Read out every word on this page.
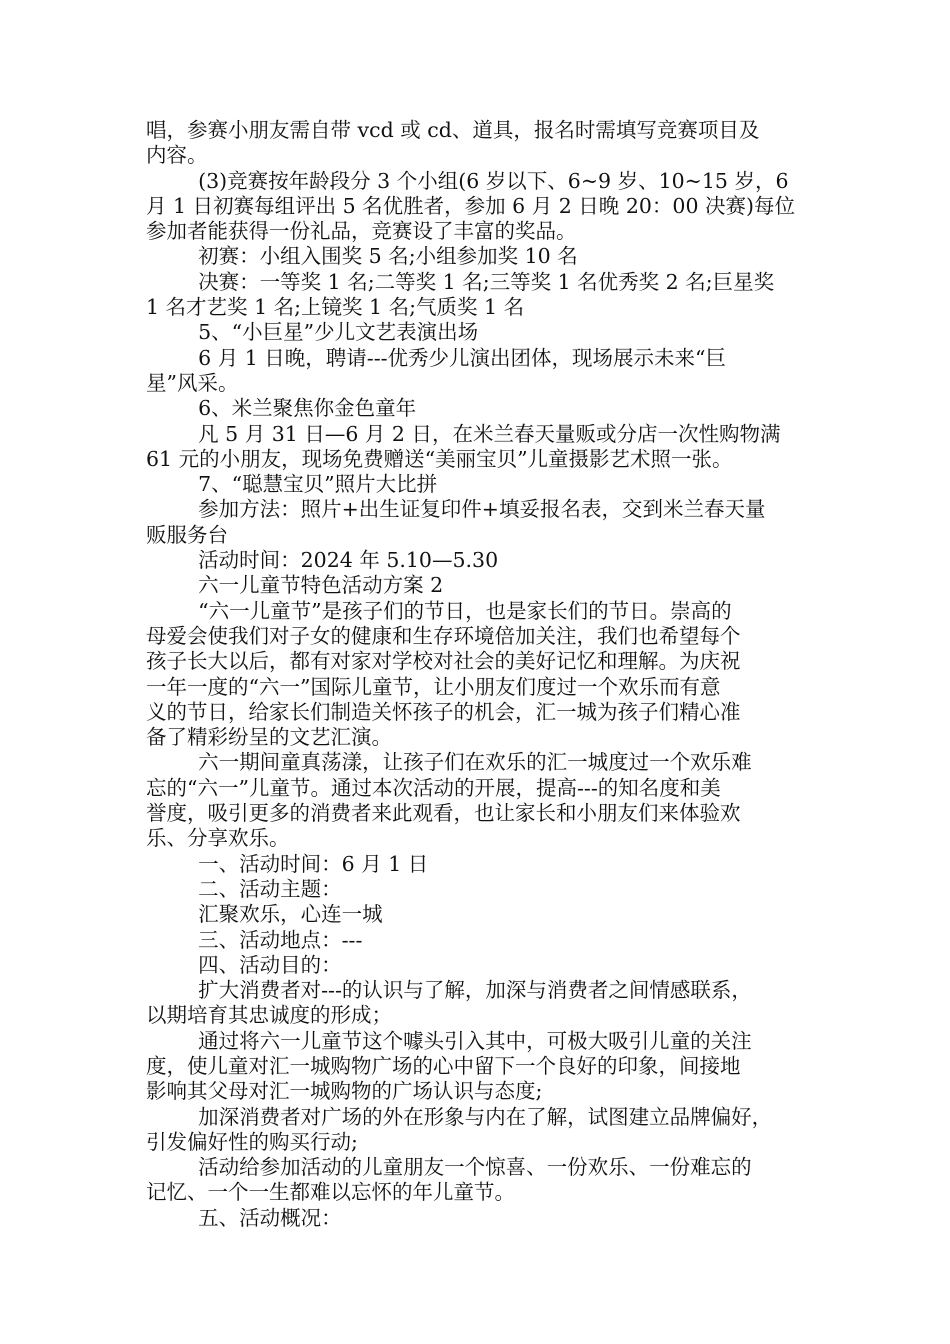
唱，参赛小朋友需自带 vcd 或 cd、道具，报名时需填写竞赛项目及
内容。
(3)竞赛按年龄段分 3 个小组(6 岁以下、6~9 岁、10~15 岁，6
月 1 日初赛每组评出 5 名优胜者，参加 6 月 2 日晚 20：00 决赛)每位
参加者能获得一份礼品，竞赛设了丰富的奖品。
初赛：小组入围奖 5 名;小组参加奖 10 名
决赛：一等奖 1 名;二等奖 1 名;三等奖 1 名优秀奖 2 名;巨星奖
1 名才艺奖 1 名;上镜奖 1 名;气质奖 1 名
5、“小巨星”少儿文艺表演出场
6 月 1 日晚，聘请---优秀少儿演出团体，现场展示未来“巨
星”风采。
6、米兰聚焦你金色童年
凡 5 月 31 日—6 月 2 日，在米兰春天量贩或分店一次性购物满
61 元的小朋友，现场免费赠送“美丽宝贝”儿童摄影艺术照一张。
7、“聪慧宝贝”照片大比拼
参加方法：照片+出生证复印件+填妥报名表，交到米兰春天量
贩服务台
活动时间：2024 年 5.10—5.30
六一儿童节特色活动方案 2
“六一儿童节”是孩子们的节日，也是家长们的节日。崇高的
母爱会使我们对子女的健康和生存环境倍加关注，我们也希望每个
孩子长大以后，都有对家对学校对社会的美好记忆和理解。为庆祝
一年一度的“六一”国际儿童节，让小朋友们度过一个欢乐而有意
义的节日，给家长们制造关怀孩子的机会，汇一城为孩子们精心准
备了精彩纷呈的文艺汇演。
六一期间童真荡漾，让孩子们在欢乐的汇一城度过一个欢乐难
忘的“六一”儿童节。通过本次活动的开展，提高---的知名度和美
誉度，吸引更多的消费者来此观看，也让家长和小朋友们来体验欢
乐、分享欢乐。
一、活动时间：6 月 1 日
二、活动主题：
汇聚欢乐，心连一城
三、活动地点：---
四、活动目的：
扩大消费者对---的认识与了解，加深与消费者之间情感联系，
以期培育其忠诚度的形成；
通过将六一儿童节这个噱头引入其中，可极大吸引儿童的关注
度，使儿童对汇一城购物广场的心中留下一个良好的印象，间接地
影响其父母对汇一城购物的广场认识与态度;
加深消费者对广场的外在形象与内在了解，试图建立品牌偏好，
引发偏好性的购买行动;
活动给参加活动的儿童朋友一个惊喜、一份欢乐、一份难忘的
记忆、一个一生都难以忘怀的年儿童节。
五、活动概况：
